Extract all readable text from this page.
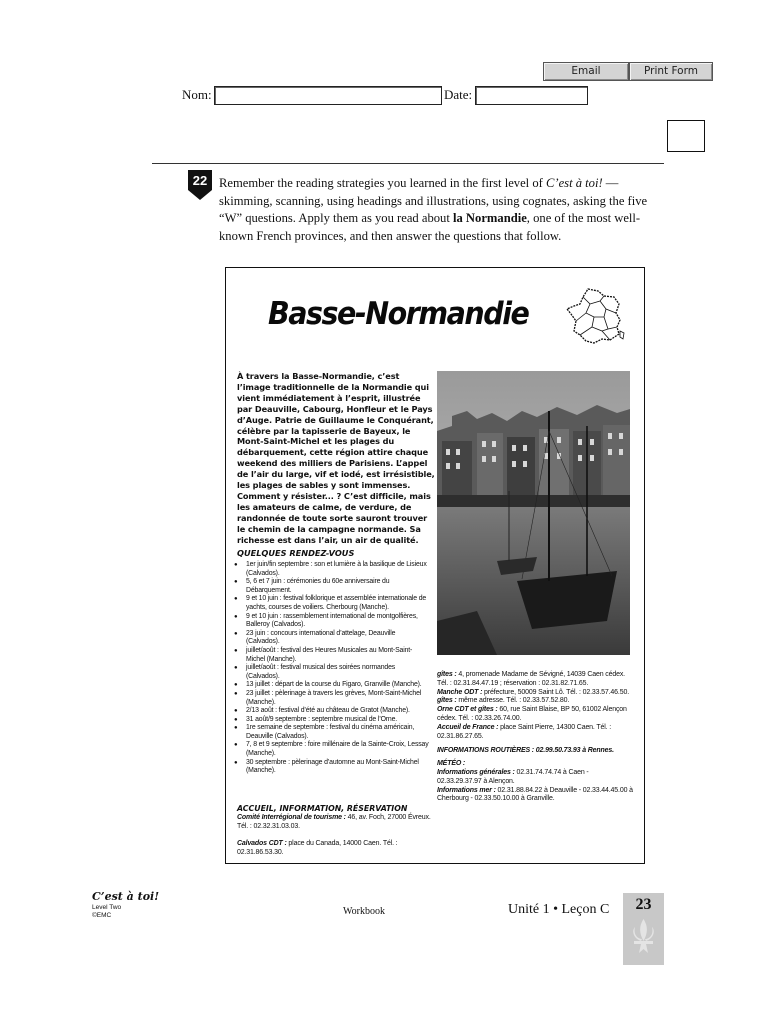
Email	Print Form
Nom:	Date:
22 Remember the reading strategies you learned in the first level of C’est à toi! — skimming, scanning, using headings and illustrations, using cognates, asking the five “W” questions. Apply them as you read about la Normandie, one of the most well-known French provinces, and then answer the questions that follow.
Basse-Normandie
À travers la Basse-Normandie, c’est l’image traditionnelle de la Normandie qui vient immédiatement à l’esprit, illustrée par Deauville, Cabourg, Honfleur et le Pays d’Auge. Patrie de Guillaume le Conquérant, célèbre par la tapisserie de Bayeux, le Mont-Saint-Michel et les plages du débarquement, cette région attire chaque weekend des milliers de Parisiens. L’appel de l’air du large, vif et iodé, est irrésistible, les plages de sables y sont immenses. Comment y résister... ? C’est difficile, mais les amateurs de calme, de verdure, de randonnée de toute sorte sauront trouver le chemin de la campagne normande. Sa richesse est dans l’air, un air de qualité.
QUELQUES RENDEZ-VOUS
● 1er juin/fin septembre : son et lumière à la basilique de Lisieux (Calvados).
● 5, 6 et 7 juin : cérémonies du 60e anniversaire du Débarquement.
● 9 et 10 juin : festival folklorique et assemblée internationale de yachts, courses de voiliers. Cherbourg (Manche).
● 9 et 10 juin : rassemblement international de montgolfières, Balleroy (Calvados).
● 23 juin : concours international d’attelage, Deauville (Calvados).
● juillet/août : festival des Heures Musicales au Mont-Saint-Michel (Manche).
● juillet/août : festival musical des soirées normandes (Calvados).
● 13 juillet : départ de la course du Figaro, Granville (Manche).
● 23 juillet : pèlerinage à travers les grèves, Mont-Saint-Michel (Manche).
● 2/13 août : festival d’été au château de Gratot (Manche).
● 31 août/9 septembre : septembre musical de l’Orne.
● 1re semaine de septembre : festival du cinéma américain, Deauville (Calvados).
● 7, 8 et 9 septembre : foire millénaire de la Sainte-Croix, Lessay (Manche).
● 30 septembre : pèlerinage d’automne au Mont-Saint-Michel (Manche).
ACCUEIL, INFORMATION, RÉSERVATION
Comité Interrégional de tourisme : 46, av. Foch, 27000 Évreux. Tél. : 02.32.31.03.03.
Calvados CDT : place du Canada, 14000 Caen. Tél. : 02.31.86.53.30.

gîtes : 4, promenade Madame de Sévigné, 14039 Caen cédex. Tél. : 02.31.84.47.19 ; réservation : 02.31.82.71.65.

Manche ODT : préfecture, 50009 Saint Lô. Tél. : 02.33.57.46.50. gîtes : même adresse. Tél. : 02.33.57.52.80.

Orne CDT et gîtes : 60, rue Saint Blaise, BP 50, 61002 Alençon cédex. Tél. : 02.33.26.74.00.

Accueil de France : place Saint Pierre, 14300 Caen. Tél. : 02.31.86.27.65.

INFORMATIONS ROUTIÈRES : 02.99.50.73.93 à Rennes.

MÉTÉO :

Informations générales : 02.31.74.74.74 à Caen - 02.33.29.37.97 à Alençon.

Informations mer : 02.31.88.84.22 à Deauville - 02.33.44.45.00 à Cherbourg - 02.33.50.10.00 à Granville.

C’est à toi!
Level Two
©EMC	Workbook	Unité 1 • Leçon C	23
